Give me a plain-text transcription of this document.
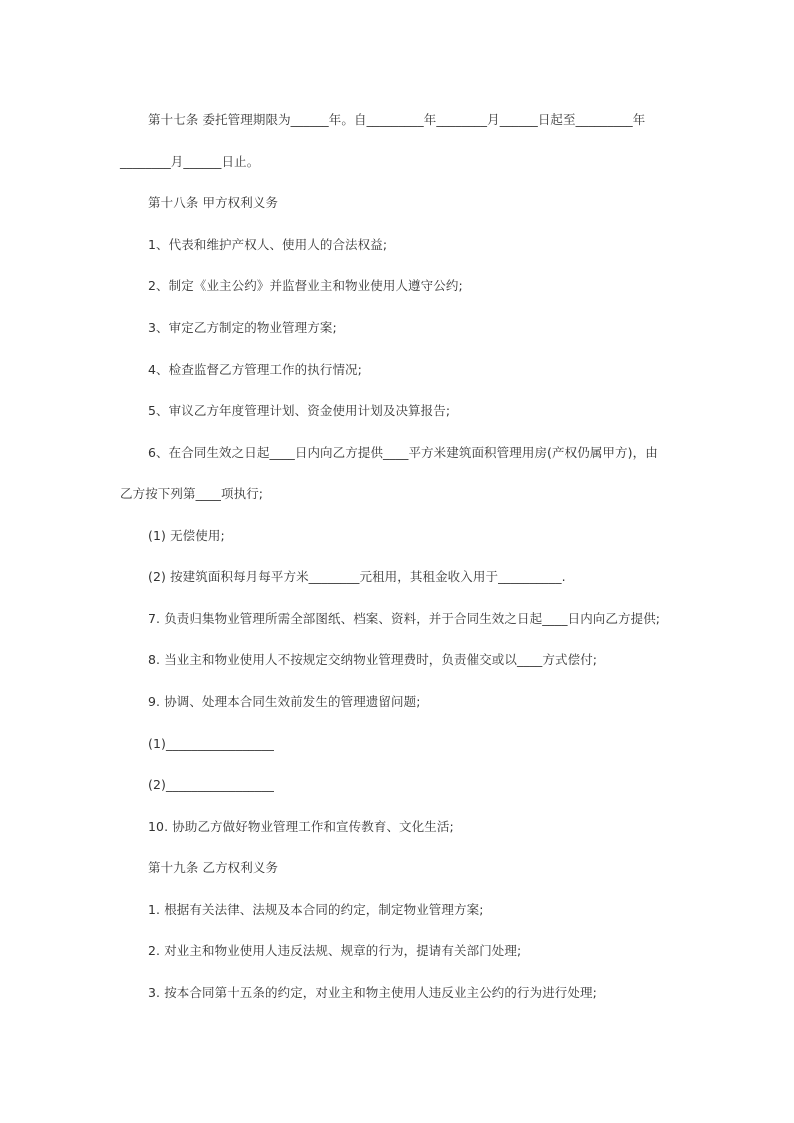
第十七条 委托管理期限为______年。自_________年________月______日起至_________年
________月______日止。
第十八条 甲方权利义务
1、代表和维护产权人、使用人的合法权益;
2、制定《业主公约》并监督业主和物业使用人遵守公约;
3、审定乙方制定的物业管理方案;
4、检查监督乙方管理工作的执行情况;
5、审议乙方年度管理计划、资金使用计划及决算报告;
6、在合同生效之日起____日内向乙方提供____平方米建筑面积管理用房(产权仍属甲方)，由
乙方按下列第____项执行;
(1) 无偿使用;
(2) 按建筑面积每月每平方米________元租用，其租金收入用于__________.
7. 负责归集物业管理所需全部图纸、档案、资料，并于合同生效之日起____日内向乙方提供;
8. 当业主和物业使用人不按规定交纳物业管理费时，负责催交或以____方式偿付;
9. 协调、处理本合同生效前发生的管理遗留问题;
(1)_________________
(2)_________________
10. 协助乙方做好物业管理工作和宣传教育、文化生活;
第十九条 乙方权利义务
1. 根据有关法律、法规及本合同的约定，制定物业管理方案;
2. 对业主和物业使用人违反法规、规章的行为，提请有关部门处理;
3. 按本合同第十五条的约定，对业主和物主使用人违反业主公约的行为进行处理;
